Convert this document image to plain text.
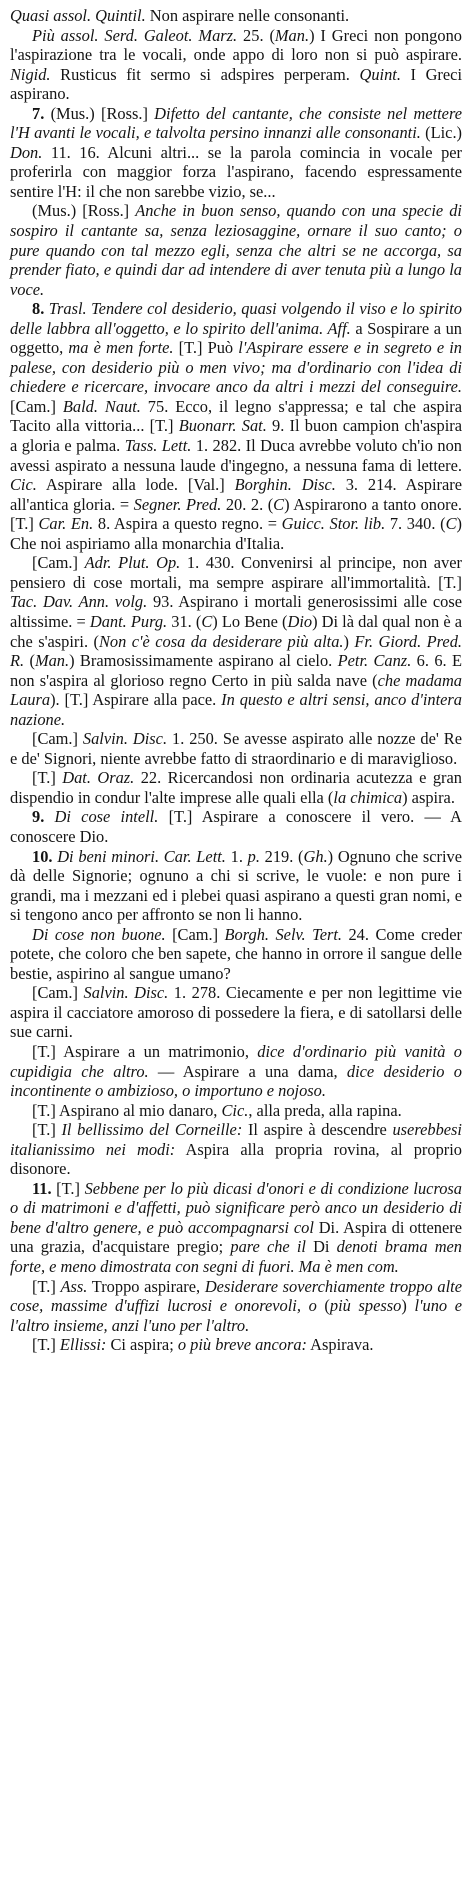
Quasi assol. Quintil. Non aspirare nelle consonanti.

Più assol. Serd. Galeot. Marz. 25. (Man.) I Greci non pongono l'aspirazione tra le vocali, onde appo di loro non si può aspirare. Nigid. Rusticus fit sermo si adspires perperam. Quint. I Greci aspirano.

7. (Mus.) [Ross.] Difetto del cantante, che consiste nel mettere l'H avanti le vocali, e talvolta persino innanzi alle consonanti. (Lic.) Don. 11. 16. Alcuni altri... se la parola comincia in vocale per proferirla con maggior forza l'aspirano, facendo espressamente sentire l'H: il che non sarebbe vizio, se...

(Mus.) [Ross.] Anche in buon senso, quando con una specie di sospiro il cantante sa, senza leziosaggine, ornare il suo canto; o pure quando con tal mezzo egli, senza che altri se ne accorga, sa prender fiato, e quindi dar ad intendere di aver tenuta più a lungo la voce.

8. Trasl. Tendere col desiderio, quasi volgendo il viso e lo spirito delle labbra all'oggetto, e lo spirito dell'anima. Aff. a Sospirare a un oggetto, ma è men forte. [T.] Può l'Aspirare essere e in segreto e in palese, con desiderio più o men vivo; ma d'ordinario con l'idea di chiedere e ricercare, invocare anco da altri i mezzi del conseguire. [Cam.] Bald. Naut. 75. Ecco, il legno s'appressa; e tal che aspira Tacito alla vittoria... [T.] Buonarr. Sat. 9. Il buon campion ch'aspira a gloria e palma. Tass. Lett. 1. 282. Il Duca avrebbe voluto ch'io non avessi aspirato a nessuna laude d'ingegno, a nessuna fama di lettere. Cic. Aspirare alla lode. [Val.] Borghin. Disc. 3. 214. Aspirare all'antica gloria. = Segner. Pred. 20. 2. (C) Aspirarono a tanto onore. [T.] Car. En. 8. Aspira a questo regno. = Guicc. Stor. lib. 7. 340. (C) Che noi aspiriamo alla monarchia d'Italia.

[Cam.] Adr. Plut. Op. 1. 430. Convenirsi al principe, non aver pensiero di cose mortali, ma sempre aspirare all'immortalità. [T.] Tac. Dav. Ann. volg. 93. Aspirano i mortali generosissimi alle cose altissime. = Dant. Purg. 31. (C) Lo Bene (Dio) Di là dal qual non è a che s'aspiri. (Non c'è cosa da desiderare più alta.) Fr. Giord. Pred. R. (Man.) Bramosissimamente aspirano al cielo. Petr. Canz. 6. 6. E non s'aspira al glorioso regno Certo in più salda nave (che madama Laura). [T.] Aspirare alla pace. In questo e altri sensi, anco d'intera nazione.

[Cam.] Salvin. Disc. 1. 250. Se avesse aspirato alle nozze de' Re e de' Signori, niente avrebbe fatto di straordinario e di maraviglioso.

[T.] Dat. Oraz. 22. Ricercandosi non ordinaria acutezza e gran dispendio in condur l'alte imprese alle quali ella (la chimica) aspira.

9. Di cose intell. [T.] Aspirare a conoscere il vero. — A conoscere Dio.

10. Di beni minori. Car. Lett. 1. p. 219. (Gh.) Ognuno che scrive dà delle Signorie; ognuno a chi si scrive, le vuole: e non pure i grandi, ma i mezzani ed i plebei quasi aspirano a questi gran nomi, e si tengono anco per affronto se non li hanno.

Di cose non buone. [Cam.] Borgh. Selv. Tert. 24. Come creder potete, che coloro che ben sapete, che hanno in orrore il sangue delle bestie, aspirino al sangue umano?

[Cam.] Salvin. Disc. 1. 278. Ciecamente e per non legittime vie aspira il cacciatore amoroso di possedere la fiera, e di satollarsi delle sue carni.

[T.] Aspirare a un matrimonio, dice d'ordinario più vanità o cupidigia che altro. — Aspirare a una dama, dice desiderio o incontinente o ambizioso, o importuno e nojoso.

[T.] Aspirano al mio danaro, Cic., alla preda, alla rapina.

[T.] Il bellissimo del Corneille: Il aspire à descendre userebbesi italianissimo nei modi: Aspira alla propria rovina, al proprio disonore.

11. [T.] Sebbene per lo più dicasi d'onori e di condizione lucrosa o di matrimoni e d'affetti, può significare però anco un desiderio di bene d'altro genere, e può accompagnarsi col Di. Aspira di ottenere una grazia, d'acquistare pregio; pare che il Di denoti brama men forte, e meno dimostrata con segni di fuori. Ma è men com.

[T.] Ass. Troppo aspirare, Desiderare soverchiamente troppo alte cose, massime d'uffizi lucrosi e onorevoli, o (più spesso) l'uno e l'altro insieme, anzi l'uno per l'altro.

[T.] Ellissi: Ci aspira; o più breve ancora: Aspirava.
